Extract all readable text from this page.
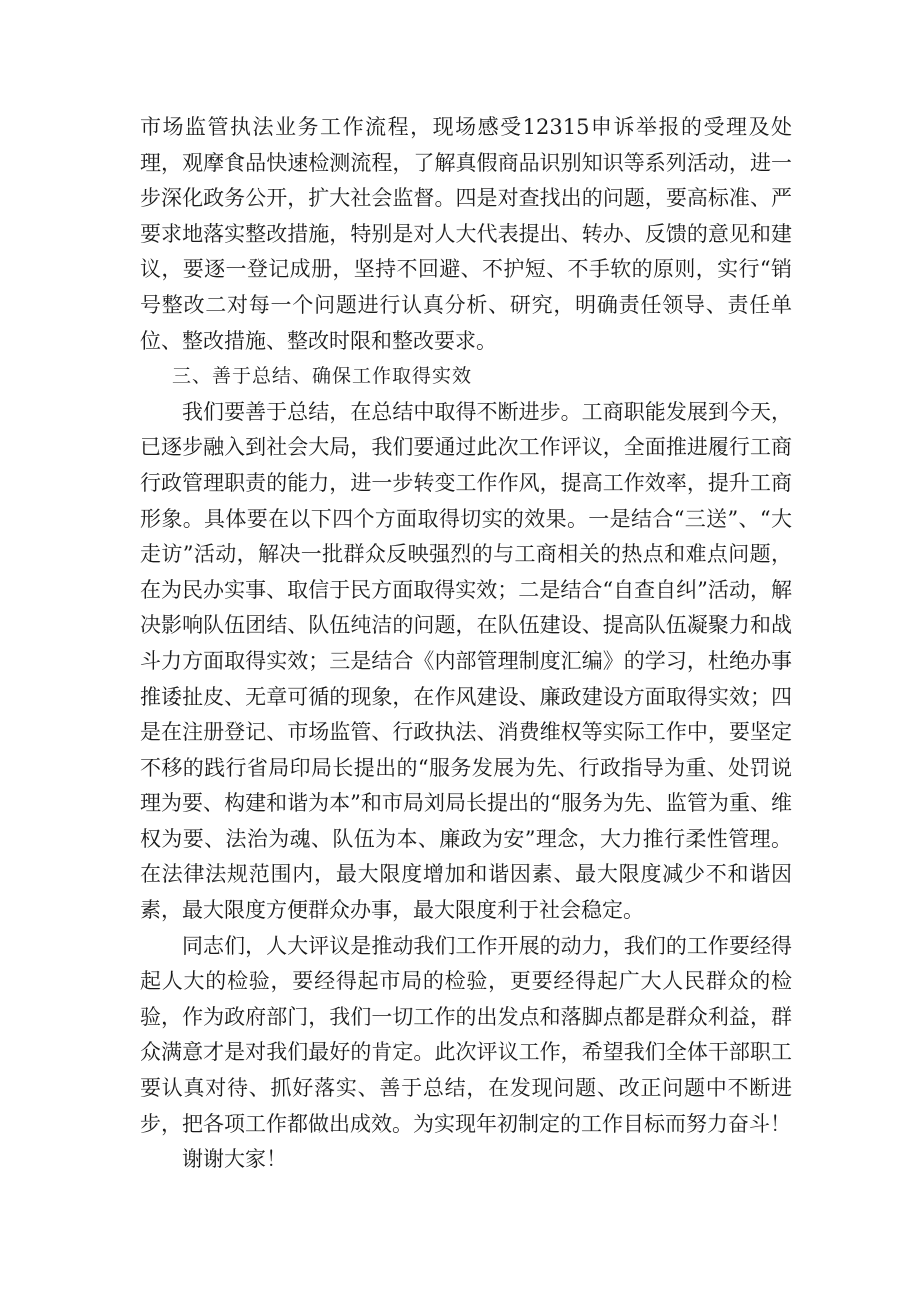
市场监管执法业务工作流程，现场感受12315申诉举报的受理及处理，观摩食品快速检测流程，了解真假商品识别知识等系列活动，进一步深化政务公开，扩大社会监督。四是对查找出的问题，要高标准、严要求地落实整改措施，特别是对人大代表提出、转办、反馈的意见和建议，要逐一登记成册，坚持不回避、不护短、不手软的原则，实行“销号整改二对每一个问题进行认真分析、研究，明确责任领导、责任单位、整改措施、整改时限和整改要求。

三、善于总结、确保工作取得实效

我们要善于总结，在总结中取得不断进步。工商职能发展到今天，已逐步融入到社会大局，我们要通过此次工作评议，全面推进履行工商行政管理职责的能力，进一步转变工作作风，提高工作效率，提升工商形象。具体要在以下四个方面取得切实的效果。一是结合“三送”、“大走访”活动，解决一批群众反映强烈的与工商相关的热点和难点问题，在为民办实事、取信于民方面取得实效；二是结合“自查自纠”活动，解决影响队伍团结、队伍纯洁的问题，在队伍建设、提高队伍凝聚力和战斗力方面取得实效；三是结合《内部管理制度汇编》的学习，杜绝办事推诿扯皮、无章可循的现象，在作风建设、廉政建设方面取得实效；四是在注册登记、市场监管、行政执法、消费维权等实际工作中，要坚定不移的践行省局印局长提出的“服务发展为先、行政指导为重、处罚说理为要、构建和谐为本”和市局刘局长提出的“服务为先、监管为重、维权为要、法治为魂、队伍为本、廉政为安”理念，大力推行柔性管理。在法律法规范围内，最大限度增加和谐因素、最大限度减少不和谐因素，最大限度方便群众办事，最大限度利于社会稳定。

同志们，人大评议是推动我们工作开展的动力，我们的工作要经得起人大的检验，要经得起市局的检验，更要经得起广大人民群众的检验，作为政府部门，我们一切工作的出发点和落脚点都是群众利益，群众满意才是对我们最好的肯定。此次评议工作，希望我们全体干部职工要认真对待、抓好落实、善于总结，在发现问题、改正问题中不断进步，把各项工作都做出成效。为实现年初制定的工作目标而努力奋斗！

谢谢大家！
